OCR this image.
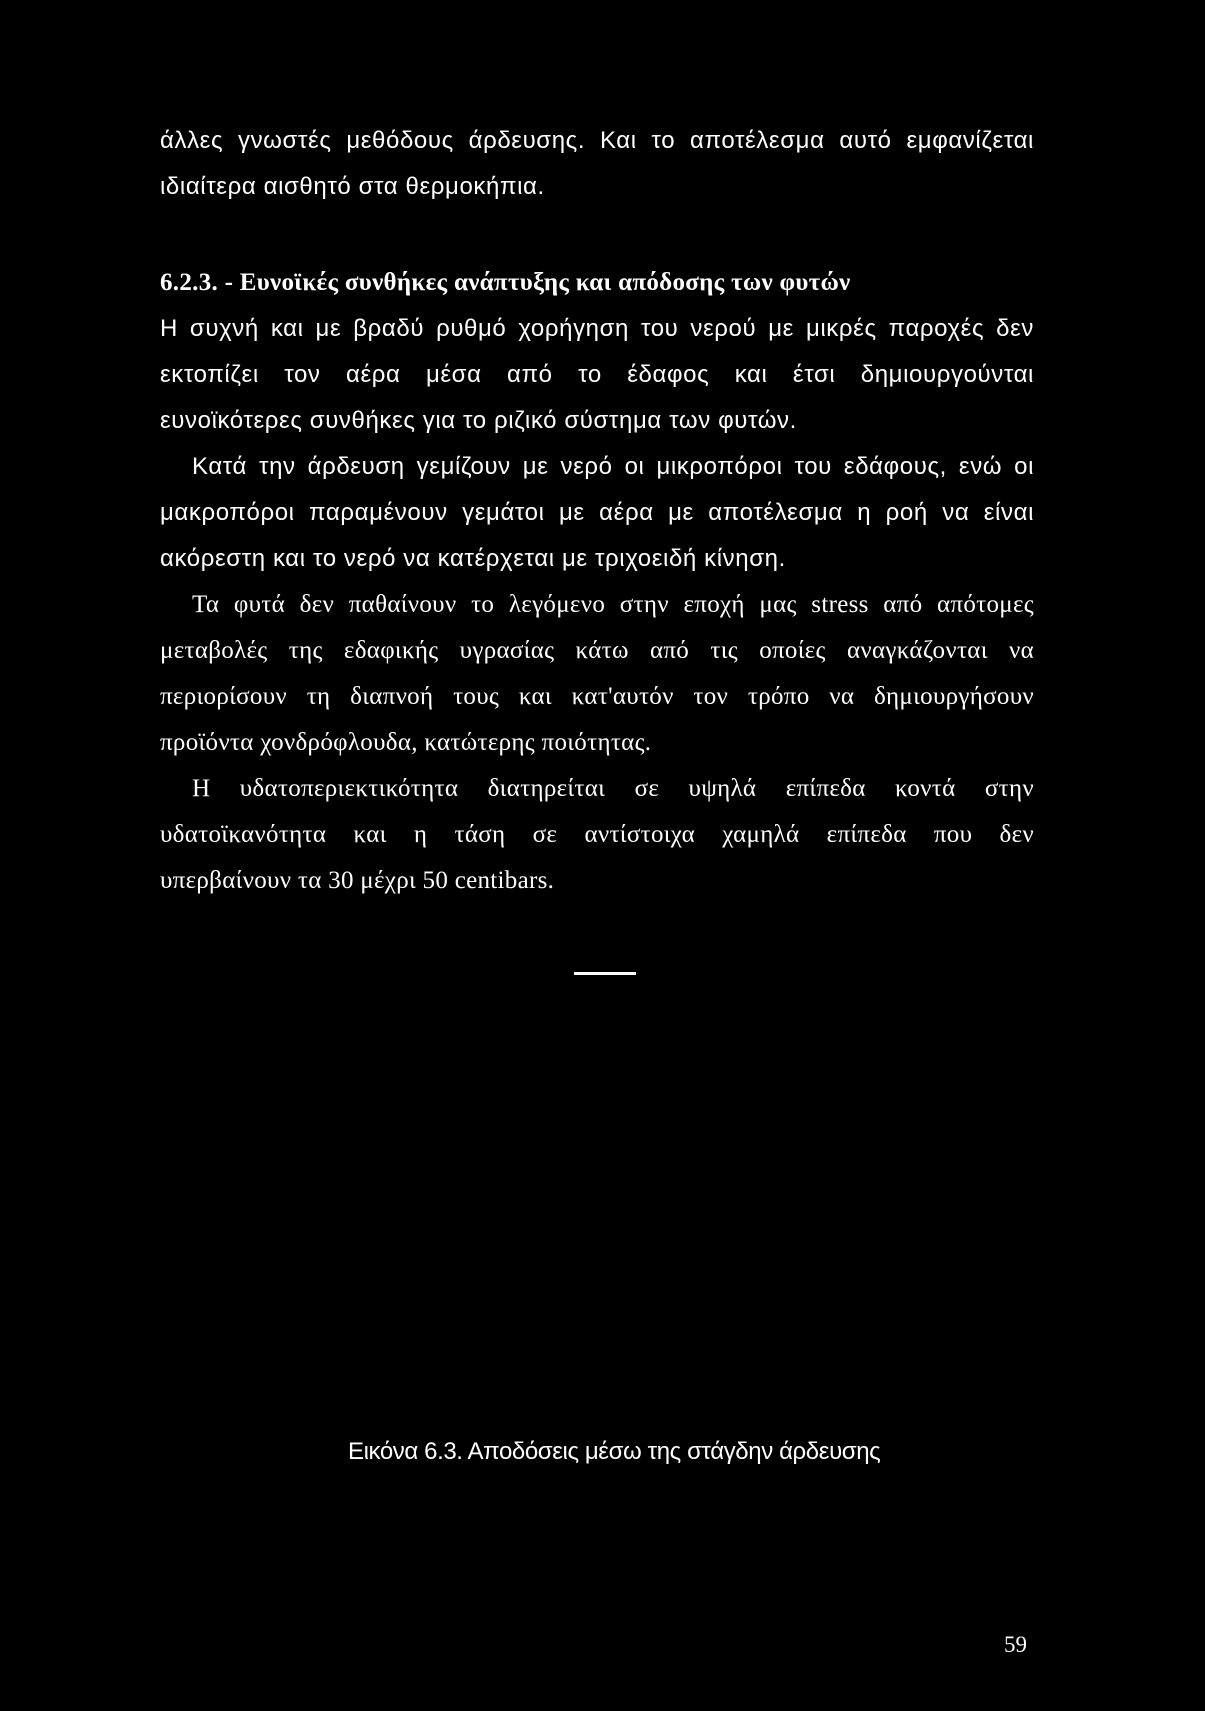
άλλες γνωστές μεθόδους άρδευσης. Και το αποτέλεσμα αυτό εμφανίζεται
ιδιαίτερα αισθητό στα θερμοκήπια.
6.2.3. - Ευνοϊκές συνθήκες ανάπτυξης και απόδοσης των φυτών
Η συχνή και με βραδύ ρυθμό χορήγηση του νερού με μικρές παροχές δεν
εκτοπίζει τον αέρα μέσα από το έδαφος και έτσι δημιουργούνται
ευνοϊκότερες συνθήκες για το ριζικό σύστημα των φυτών.
Κατά την άρδευση γεμίζουν με νερό οι μικροπόροι του εδάφους, ενώ οι
μακροπόροι παραμένουν γεμάτοι με αέρα με αποτέλεσμα η ροή να είναι
ακόρεστη και το νερό να κατέρχεται με τριχοειδή κίνηση.
Τα φυτά δεν παθαίνουν το λεγόμενο στην εποχή μας stress από απότομες
μεταβολές της εδαφικής υγρασίας κάτω από τις οποίες αναγκάζονται να
περιορίσουν τη διαπνοή τους και κατ'αυτόν τον τρόπο να δημιουργήσουν
προϊόντα χονδρόφλουδα, κατώτερης ποιότητας.
Η υδατοπεριεκτικότητα διατηρείται σε υψηλά επίπεδα κοντά στην
υδατοϊκανότητα και η τάση σε αντίστοιχα χαμηλά επίπεδα που δεν
υπερβαίνουν τα 30 μέχρι 50 centibars.
Εικόνα 6.3. Αποδόσεις μέσω της στάγδην άρδευσης
59
